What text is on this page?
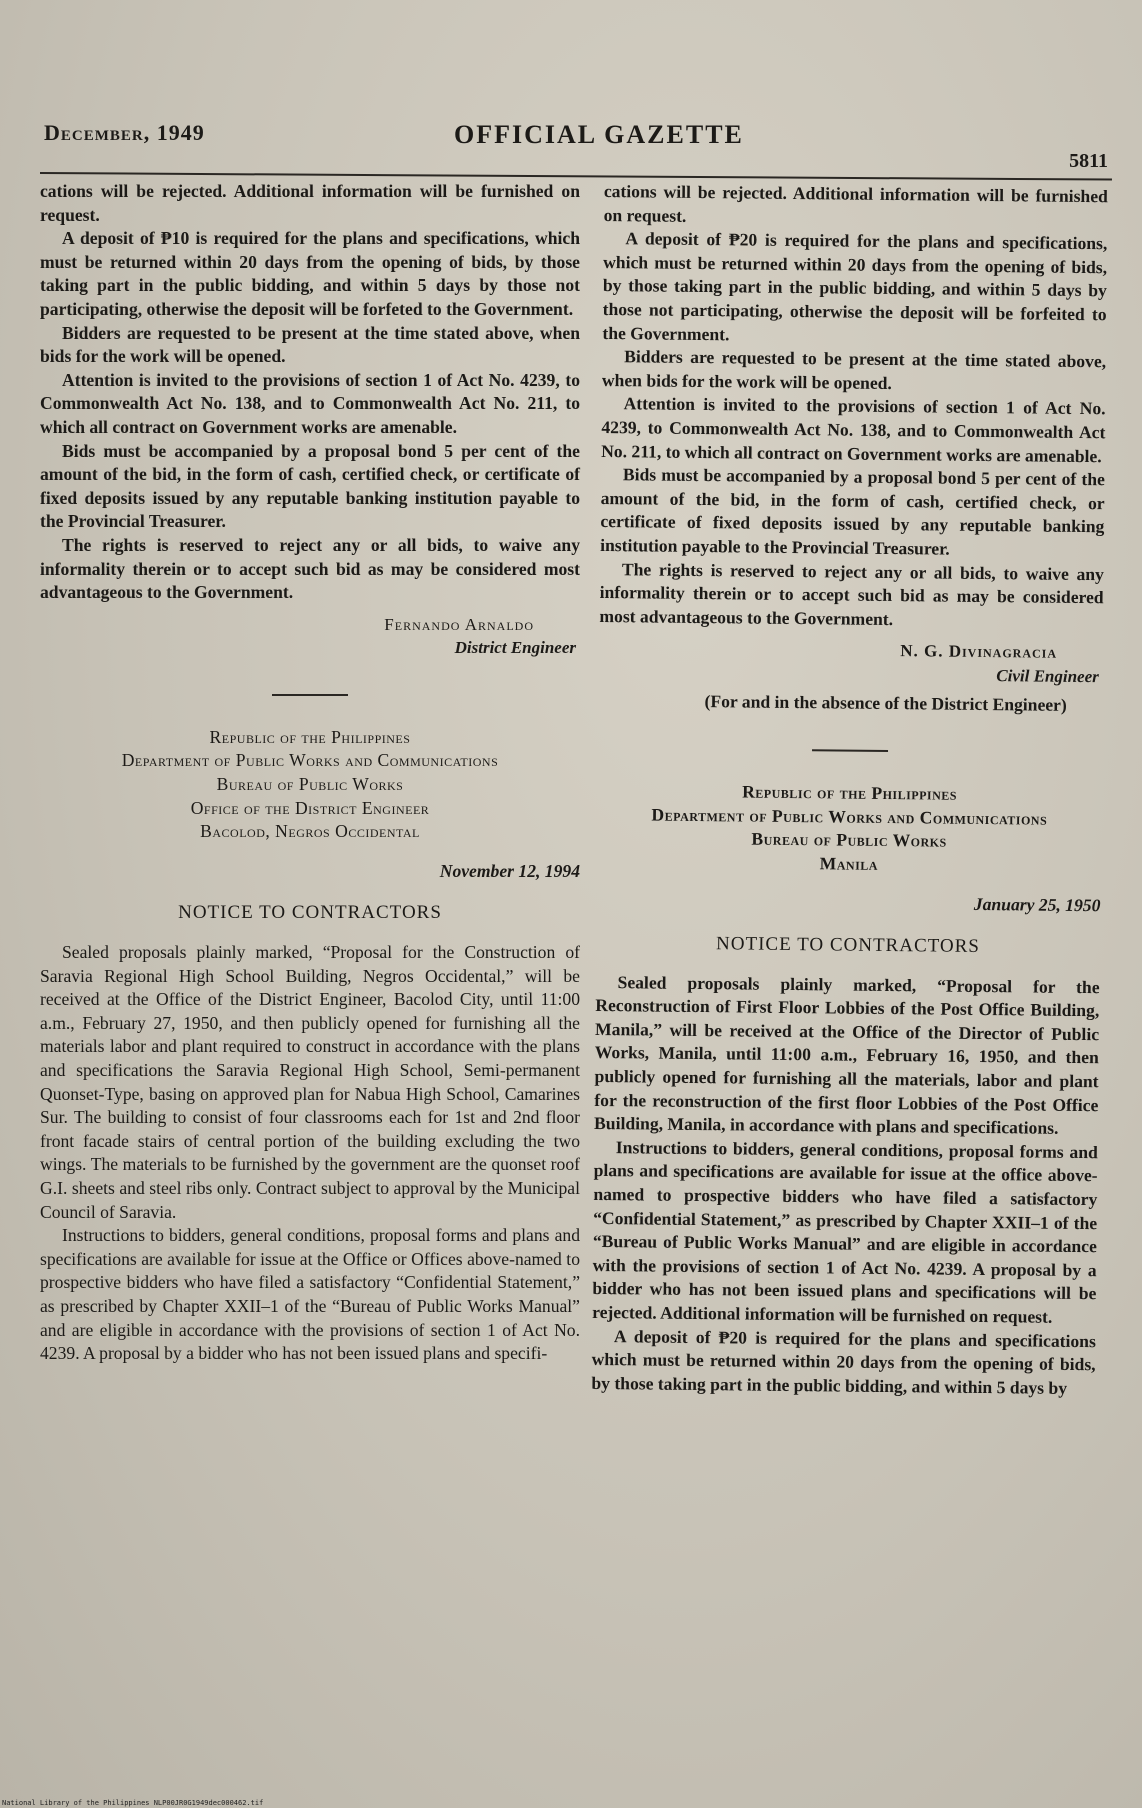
December, 1949	OFFICIAL GAZETTE
5811

cations will be rejected. Additional information will be furnished on request.

A deposit of ₱10 is required for the plans and specifications, which must be returned within 20 days from the opening of bids, by those taking part in the public bidding, and within 5 days by those not participating, otherwise the deposit will be forfeted to the Government.

Bidders are requested to be present at the time stated above, when bids for the work will be opened.

Attention is invited to the provisions of section 1 of Act No. 4239, to Commonwealth Act No. 138, and to Commonwealth Act No. 211, to which all contract on Government works are amenable.

Bids must be accompanied by a proposal bond 5 per cent of the amount of the bid, in the form of cash, certified check, or certificate of fixed deposits issued by any reputable banking institution payable to the Provincial Treasurer.

The rights is reserved to reject any or all bids, to waive any informality therein or to accept such bid as may be considered most advantageous to the Government.

Fernando Arnaldo
District Engineer

Republic of the Philippines

Department of Public Works and Communications

Bureau of Public Works

Office of the District Engineer

Bacolod, Negros Occidental

November 12, 1994
NOTICE TO CONTRACTORS

Sealed proposals plainly marked, “Proposal for the Construction of Saravia Regional High School Building, Negros Occidental,” will be received at the Office of the District Engineer, Bacolod City, until 11:00 a.m., February 27, 1950, and then publicly opened for furnishing all the materials labor and plant required to construct in accordance with the plans and specifications the Saravia Regional High School, Semi-permanent Quonset-Type, basing on approved plan for Nabua High School, Camarines Sur. The building to consist of four classrooms each for 1st and 2nd floor front facade stairs of central portion of the building excluding the two wings. The materials to be furnished by the government are the quonset roof G.I. sheets and steel ribs only. Contract subject to approval by the Municipal Council of Saravia.

Instructions to bidders, general conditions, proposal forms and plans and specifications are available for issue at the Office or Offices above-named to prospective bidders who have filed a satisfactory “Confidential Statement,” as prescribed by Chapter XXII–1 of the “Bureau of Public Works Manual” and are eligible in accordance with the provisions of section 1 of Act No. 4239. A proposal by a bidder who has not been issued plans and specifi-

cations will be rejected. Additional information will be furnished on request.

A deposit of ₱20 is required for the plans and specifications, which must be returned within 20 days from the opening of bids, by those taking part in the public bidding, and within 5 days by those not participating, otherwise the deposit will be forfeited to the Government.

Bidders are requested to be present at the time stated above, when bids for the work will be opened.

Attention is invited to the provisions of section 1 of Act No. 4239, to Commonwealth Act No. 138, and to Commonwealth Act No. 211, to which all contract on Government works are amenable.

Bids must be accompanied by a proposal bond 5 per cent of the amount of the bid, in the form of cash, certified check, or certificate of fixed deposits issued by any reputable banking institution payable to the Provincial Treasurer.

The rights is reserved to reject any or all bids, to waive any informality therein or to accept such bid as may be considered most advantageous to the Government.

N. G. Divinagracia
Civil Engineer

(For and in the absence of the District Engineer)

Republic of the Philippines

Department of Public Works and Communications

Bureau of Public Works

Manila

January 25, 1950
NOTICE TO CONTRACTORS

Sealed proposals plainly marked, “Proposal for the Reconstruction of First Floor Lobbies of the Post Office Building, Manila,” will be received at the Office of the Director of Public Works, Manila, until 11:00 a.m., February 16, 1950, and then publicly opened for furnishing all the materials, labor and plant for the reconstruction of the first floor Lobbies of the Post Office Building, Manila, in accordance with plans and specifications.

Instructions to bidders, general conditions, proposal forms and plans and specifications are available for issue at the office above-named to prospective bidders who have filed a satisfactory “Confidential Statement,” as prescribed by Chapter XXII–1 of the “Bureau of Public Works Manual” and are eligible in accordance with the provisions of section 1 of Act No. 4239. A proposal by a bidder who has not been issued plans and specifications will be rejected. Additional information will be furnished on request.

A deposit of ₱20 is required for the plans and specifications which must be returned within 20 days from the opening of bids, by those taking part in the public bidding, and within 5 days by

National Library of the Philippines NLP00JR0G1949dec000462.tif
